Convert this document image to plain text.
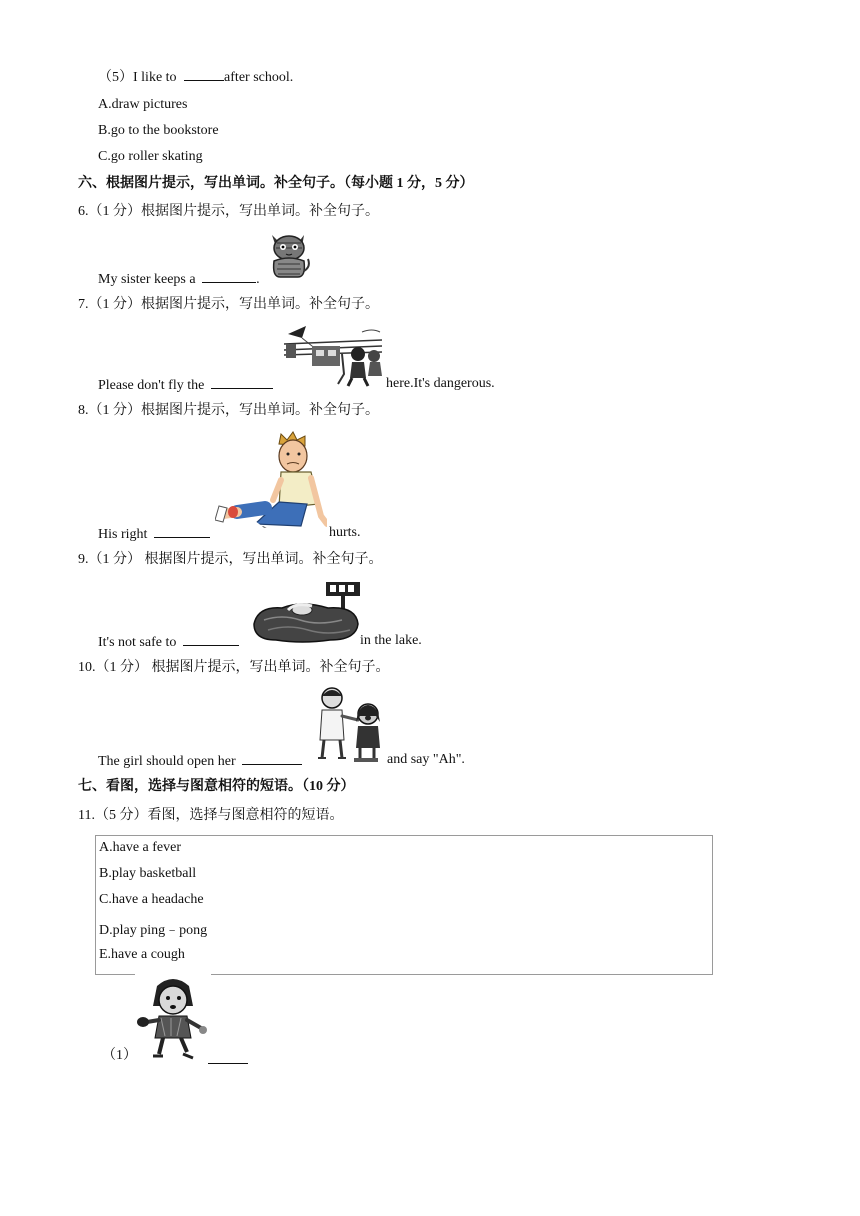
（5）I like to	after school.
A.draw pictures
B.go to the bookstore
C.go roller skating
六、根据图片提示，写出单词。补全句子。（每小题 1 分，5 分）
6.（1 分）根据图片提示，写出单词。补全句子。
My sister keeps a	.
7.（1 分）根据图片提示，写出单词。补全句子。
Please don't fly the	here.It's dangerous.
8.（1 分）根据图片提示，写出单词。补全句子。
His right	hurts.
9.（1 分） 根据图片提示，写出单词。补全句子。
It's not safe to	in the lake.
10.（1 分） 根据图片提示，写出单词。补全句子。
The girl should open her	and say "Ah".
七、看图，选择与图意相符的短语。（10 分）
11.（5 分）看图，选择与图意相符的短语。
A.have a fever
B.play basketball
C.have a headache
D.play ping﹣pong
E.have a cough
（1）
